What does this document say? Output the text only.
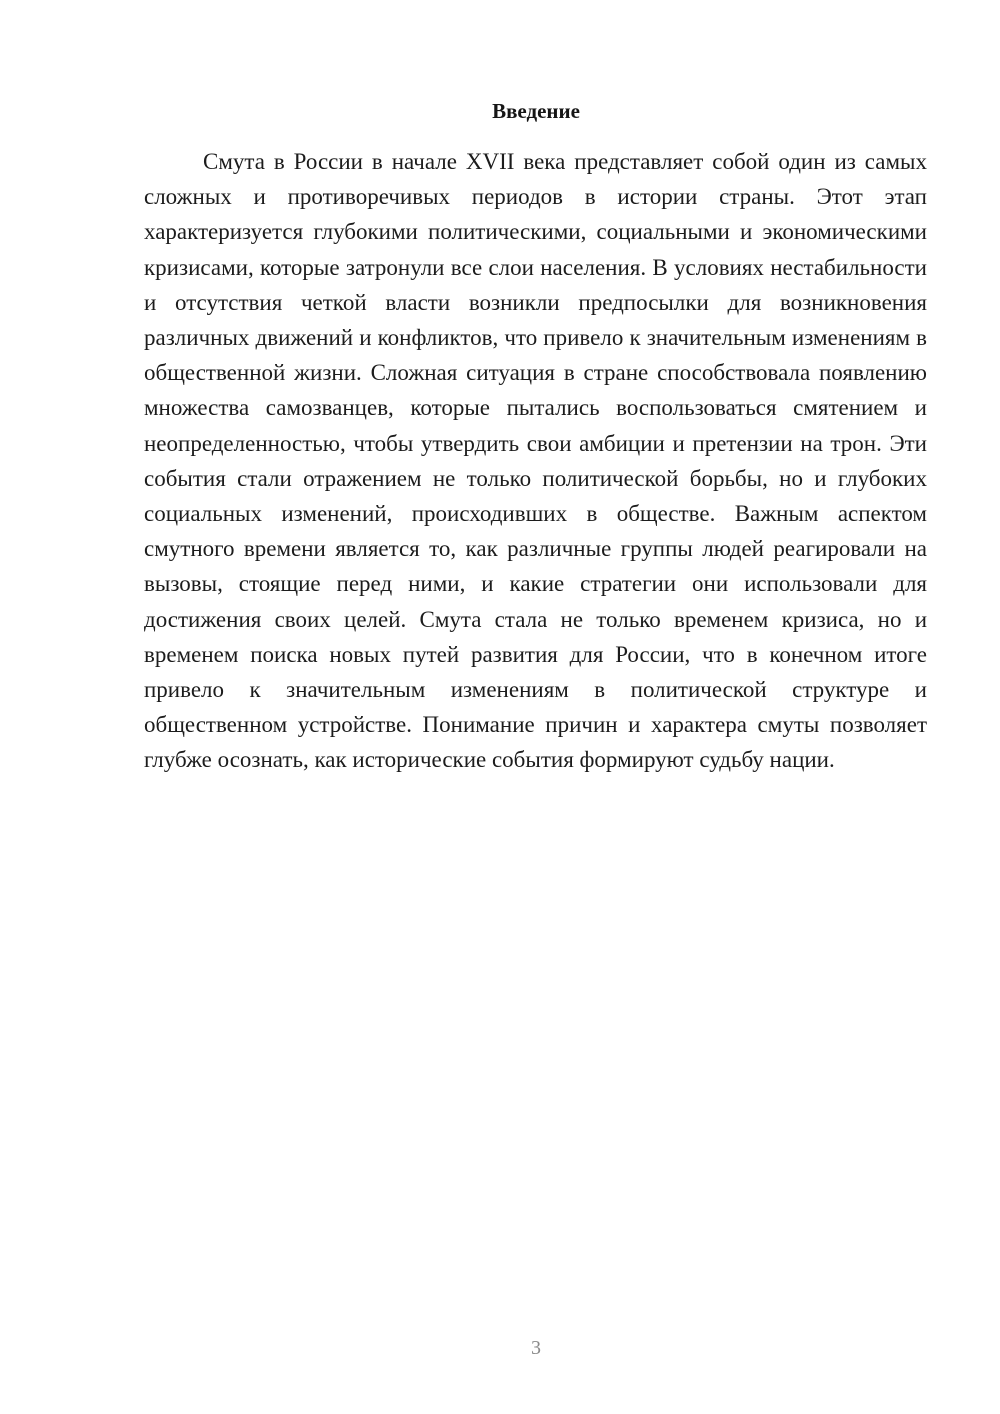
Введение

Смута в России в начале XVII века представляет собой один из самых сложных и противоречивых периодов в истории страны. Этот этап характеризуется глубокими политическими, социальными и экономическими кризисами, которые затронули все слои населения. В условиях нестабильности и отсутствия четкой власти возникли предпосылки для возникновения различных движений и конфликтов, что привело к значительным изменениям в общественной жизни. Сложная ситуация в стране способствовала появлению множества самозванцев, которые пытались воспользоваться смятением и неопределенностью, чтобы утвердить свои амбиции и претензии на трон. Эти события стали отражением не только политической борьбы, но и глубоких социальных изменений, происходивших в обществе. Важным аспектом смутного времени является то, как различные группы людей реагировали на вызовы, стоящие перед ними, и какие стратегии они использовали для достижения своих целей. Смута стала не только временем кризиса, но и временем поиска новых путей развития для России, что в конечном итоге привело к значительным изменениям в политической структуре и общественном устройстве. Понимание причин и характера смуты позволяет глубже осознать, как исторические события формируют судьбу нации.

3
